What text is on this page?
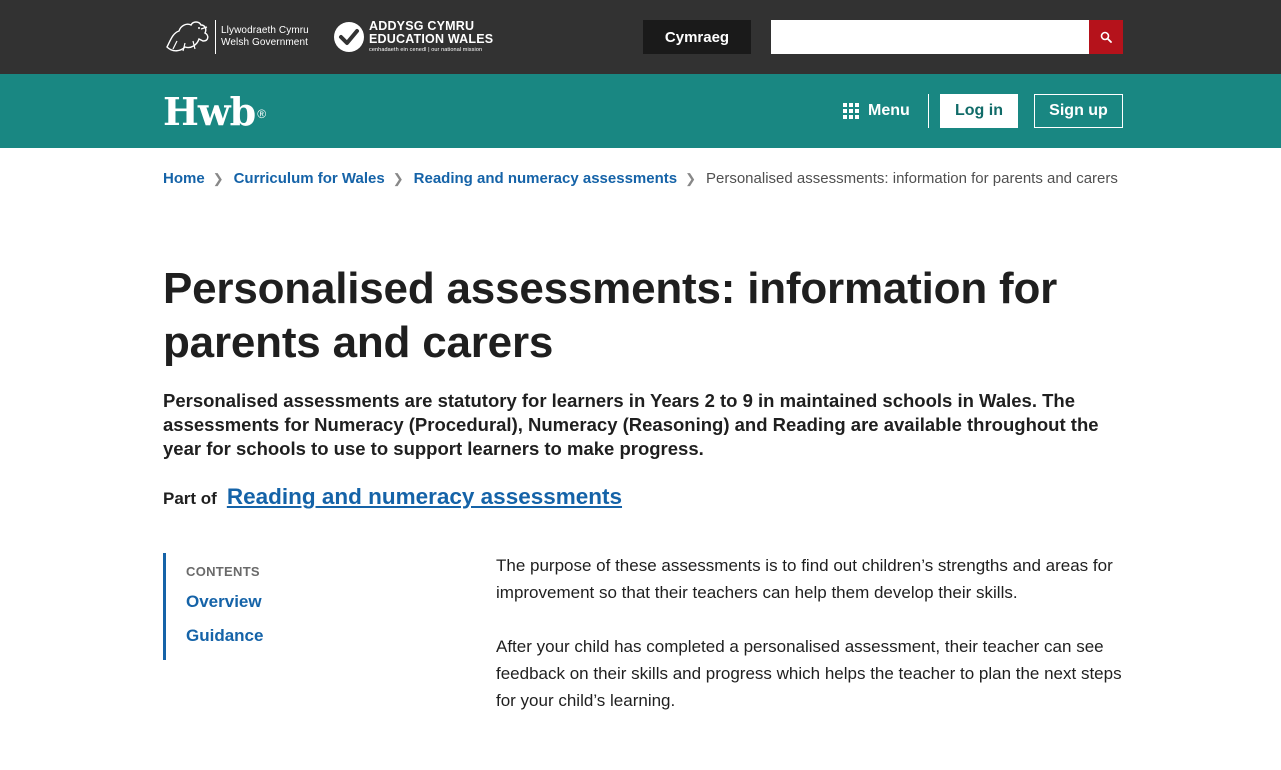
Llywodraeth Cymru
Welsh Government
ADDYSG CYMRU
EDUCATION WALES
cenhadaeth ein cenedl | our national mission
Cymraeg
Hwb ®	Menu	Log in	Sign up
Home ❯ Curriculum for Wales ❯ Reading and numeracy assessments ❯ Personalised assessments: information for parents and carers
Personalised assessments: information for parents and carers

Personalised assessments are statutory for learners in Years 2 to 9 in maintained schools in Wales. The assessments for Numeracy (Procedural), Numeracy (Reasoning) and Reading are available throughout the year for schools to use to support learners to make progress.

Part of Reading and numeracy assessments
CONTENTS
Overview
Guidance

The purpose of these assessments is to find out children’s strengths and areas for improvement so that their teachers can help them develop their skills.

After your child has completed a personalised assessment, their teacher can see feedback on their skills and progress which helps the teacher to plan the next steps for your child’s learning.
